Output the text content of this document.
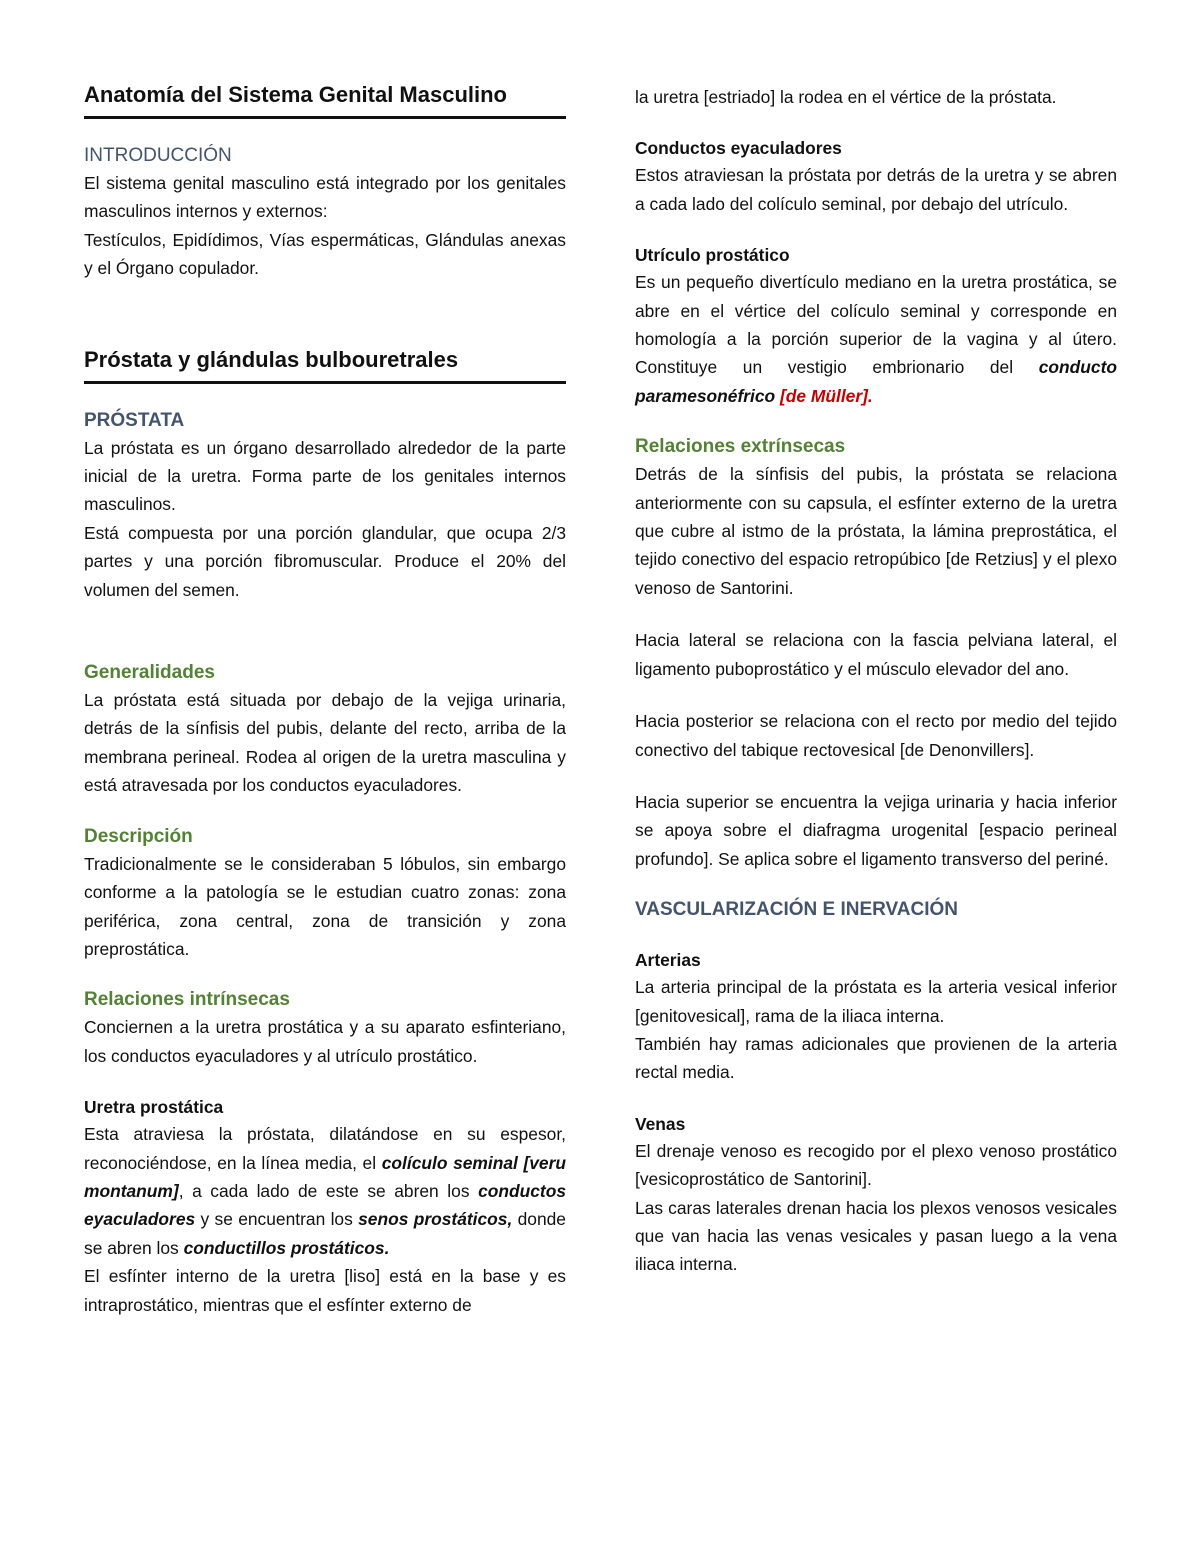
Anatomía del Sistema Genital Masculino
INTRODUCCIÓN

El sistema genital masculino está integrado por los genitales masculinos internos y externos:

Testículos, Epidídimos, Vías espermáticas, Glándulas anexas y el Órgano copulador.

Próstata y glándulas bulbouretrales
PRÓSTATA

La próstata es un órgano desarrollado alrededor de la parte inicial de la uretra. Forma parte de los genitales internos masculinos.

Está compuesta por una porción glandular, que ocupa 2/3 partes y una porción fibromuscular. Produce el 20% del volumen del semen.

Generalidades

La próstata está situada por debajo de la vejiga urinaria, detrás de la sínfisis del pubis, delante del recto, arriba de la membrana perineal. Rodea al origen de la uretra masculina y está atravesada por los conductos eyaculadores.

Descripción

Tradicionalmente se le consideraban 5 lóbulos, sin embargo conforme a la patología se le estudian cuatro zonas: zona periférica, zona central, zona de transición y zona preprostática.

Relaciones intrínsecas

Conciernen a la uretra prostática y a su aparato esfinteriano, los conductos eyaculadores y al utrículo prostático.

Uretra prostática

Esta atraviesa la próstata, dilatándose en su espesor, reconociéndose, en la línea media, el colículo seminal [veru montanum], a cada lado de este se abren los conductos eyaculadores y se encuentran los senos prostáticos, donde se abren los conductillos prostáticos.

El esfínter interno de la uretra [liso] está en la base y es intraprostático, mientras que el esfínter externo de

la uretra [estriado] la rodea en el vértice de la próstata.

Conductos eyaculadores

Estos atraviesan la próstata por detrás de la uretra y se abren a cada lado del colículo seminal, por debajo del utrículo.

Utrículo prostático

Es un pequeño divertículo mediano en la uretra prostática, se abre en el vértice del colículo seminal y corresponde en homología a la porción superior de la vagina y al útero. Constituye un vestigio embrionario del conducto paramesonéfrico [de Müller].

Relaciones extrínsecas

Detrás de la sínfisis del pubis, la próstata se relaciona anteriormente con su capsula, el esfínter externo de la uretra que cubre al istmo de la próstata, la lámina preprostática, el tejido conectivo del espacio retropúbico [de Retzius] y el plexo venoso de Santorini.

Hacia lateral se relaciona con la fascia pelviana lateral, el ligamento puboprostático y el músculo elevador del ano.

Hacia posterior se relaciona con el recto por medio del tejido conectivo del tabique rectovesical [de Denonvillers].

Hacia superior se encuentra la vejiga urinaria y hacia inferior se apoya sobre el diafragma urogenital [espacio perineal profundo]. Se aplica sobre el ligamento transverso del periné.

VASCULARIZACIÓN E INERVACIÓN
Arterias

La arteria principal de la próstata es la arteria vesical inferior [genitovesical], rama de la iliaca interna.

También hay ramas adicionales que provienen de la arteria rectal media.

Venas

El drenaje venoso es recogido por el plexo venoso prostático [vesicoprostático de Santorini].

Las caras laterales drenan hacia los plexos venosos vesicales que van hacia las venas vesicales y pasan luego a la vena iliaca interna.
